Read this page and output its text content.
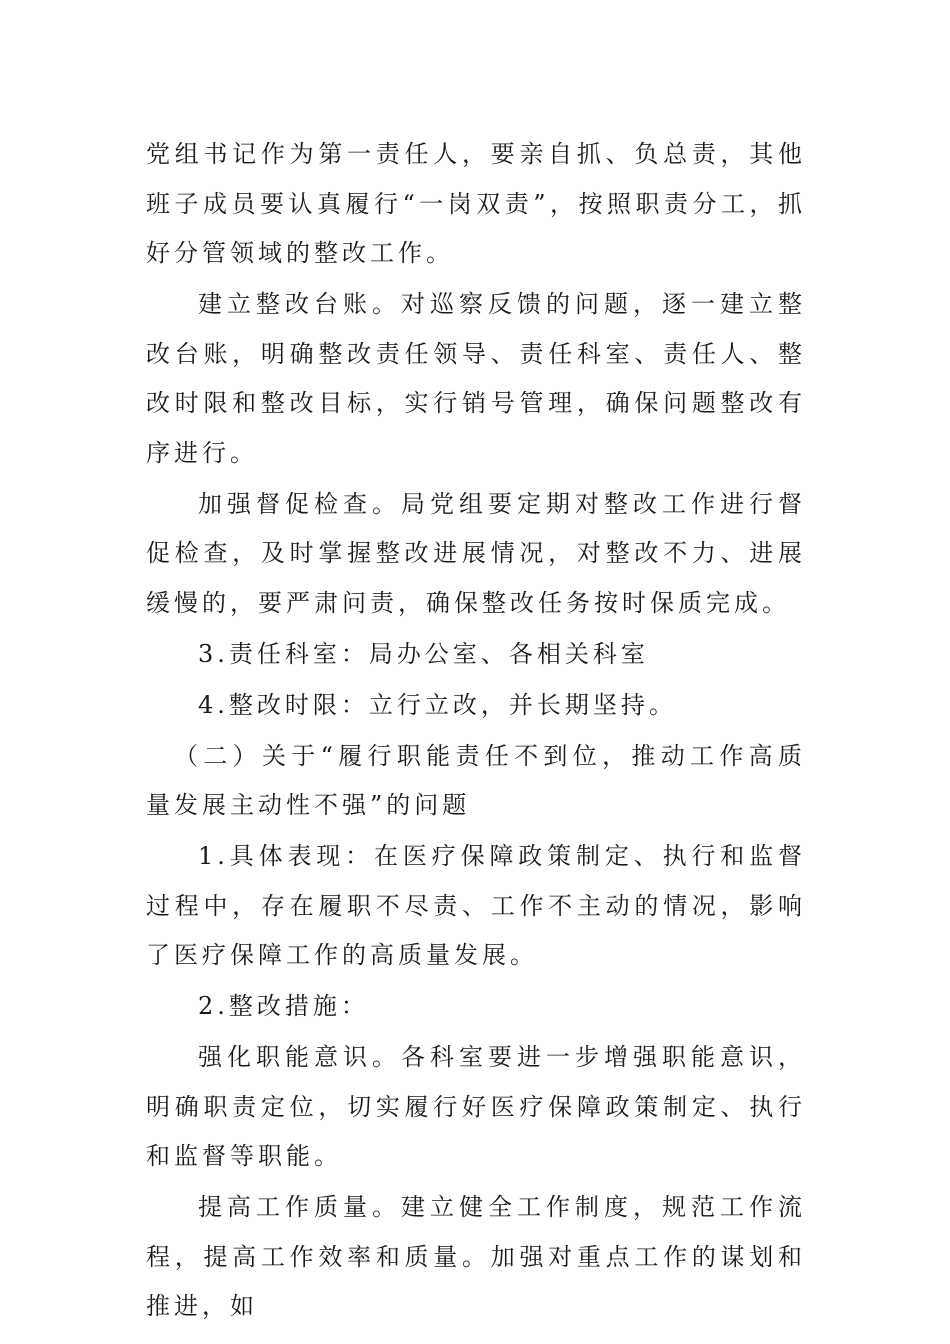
党组书记作为第一责任人，要亲自抓、负总责，其他班子成员要认真履行“一岗双责”，按照职责分工，抓好分管领域的整改工作。

建立整改台账。对巡察反馈的问题，逐一建立整改台账，明确整改责任领导、责任科室、责任人、整改时限和整改目标，实行销号管理，确保问题整改有序进行。

加强督促检查。局党组要定期对整改工作进行督促检查，及时掌握整改进展情况，对整改不力、进展缓慢的，要严肃问责，确保整改任务按时保质完成。

3.责任科室：局办公室、各相关科室

4.整改时限：立行立改，并长期坚持。

（二）关于“履行职能责任不到位，推动工作高质量发展主动性不强”的问题

1.具体表现：在医疗保障政策制定、执行和监督过程中，存在履职不尽责、工作不主动的情况，影响了医疗保障工作的高质量发展。

2.整改措施：

强化职能意识。各科室要进一步增强职能意识，明确职责定位，切实履行好医疗保障政策制定、执行和监督等职能。

提高工作质量。建立健全工作制度，规范工作流程，提高工作效率和质量。加强对重点工作的谋划和推进，如
